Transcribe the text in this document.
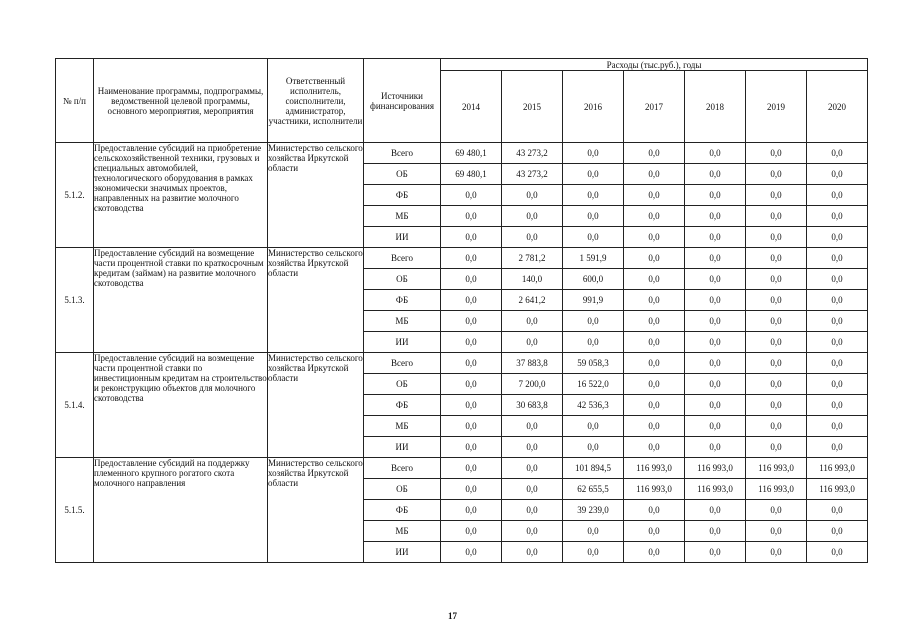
№ п/п	Наименование программы, подпрограммы, ведомственной целевой программы, основного мероприятия, мероприятия	Ответственный исполнитель, соисполнители, администратор, участники, исполнители	Источники финансирования	Расходы (тыс.руб.), годы						
				2014	2015	2016	2017	2018	2019	2020
5.1.2.	Предоставление субсидий на приобретение сельскохозяйственной техники, грузовых и специальных автомобилей, технологического оборудования в рамках экономически значимых проектов, направленных на развитие молочного скотоводства	Министерство сельского хозяйства Иркутской области	Всего	69 480,1	43 273,2	0,0	0,0	0,0	0,0	0,0
			ОБ	69 480,1	43 273,2	0,0	0,0	0,0	0,0	0,0
			ФБ	0,0	0,0	0,0	0,0	0,0	0,0	0,0
			МБ	0,0	0,0	0,0	0,0	0,0	0,0	0,0
			ИИ	0,0	0,0	0,0	0,0	0,0	0,0	0,0
5.1.3.	Предоставление субсидий на возмещение части процентной ставки по краткосрочным кредитам (займам) на развитие молочного скотоводства	Министерство сельского хозяйства Иркутской области	Всего	0,0	2 781,2	1 591,9	0,0	0,0	0,0	0,0
			ОБ	0,0	140,0	600,0	0,0	0,0	0,0	0,0
			ФБ	0,0	2 641,2	991,9	0,0	0,0	0,0	0,0
			МБ	0,0	0,0	0,0	0,0	0,0	0,0	0,0
			ИИ	0,0	0,0	0,0	0,0	0,0	0,0	0,0
5.1.4.	Предоставление субсидий на возмещение части процентной ставки по инвестиционным кредитам на строительство и реконструкцию объектов для молочного скотоводства	Министерство сельского хозяйства Иркутской области	Всего	0,0	37 883,8	59 058,3	0,0	0,0	0,0	0,0
			ОБ	0,0	7 200,0	16 522,0	0,0	0,0	0,0	0,0
			ФБ	0,0	30 683,8	42 536,3	0,0	0,0	0,0	0,0
			МБ	0,0	0,0	0,0	0,0	0,0	0,0	0,0
			ИИ	0,0	0,0	0,0	0,0	0,0	0,0	0,0
5.1.5.	Предоставление субсидий на поддержку племенного крупного рогатого скота молочного направления	Министерство сельского хозяйства Иркутской области	Всего	0,0	0,0	101 894,5	116 993,0	116 993,0	116 993,0	116 993,0
			ОБ	0,0	0,0	62 655,5	116 993,0	116 993,0	116 993,0	116 993,0
			ФБ	0,0	0,0	39 239,0	0,0	0,0	0,0	0,0
			МБ	0,0	0,0	0,0	0,0	0,0	0,0	0,0
			ИИ	0,0	0,0	0,0	0,0	0,0	0,0	0,0
17
